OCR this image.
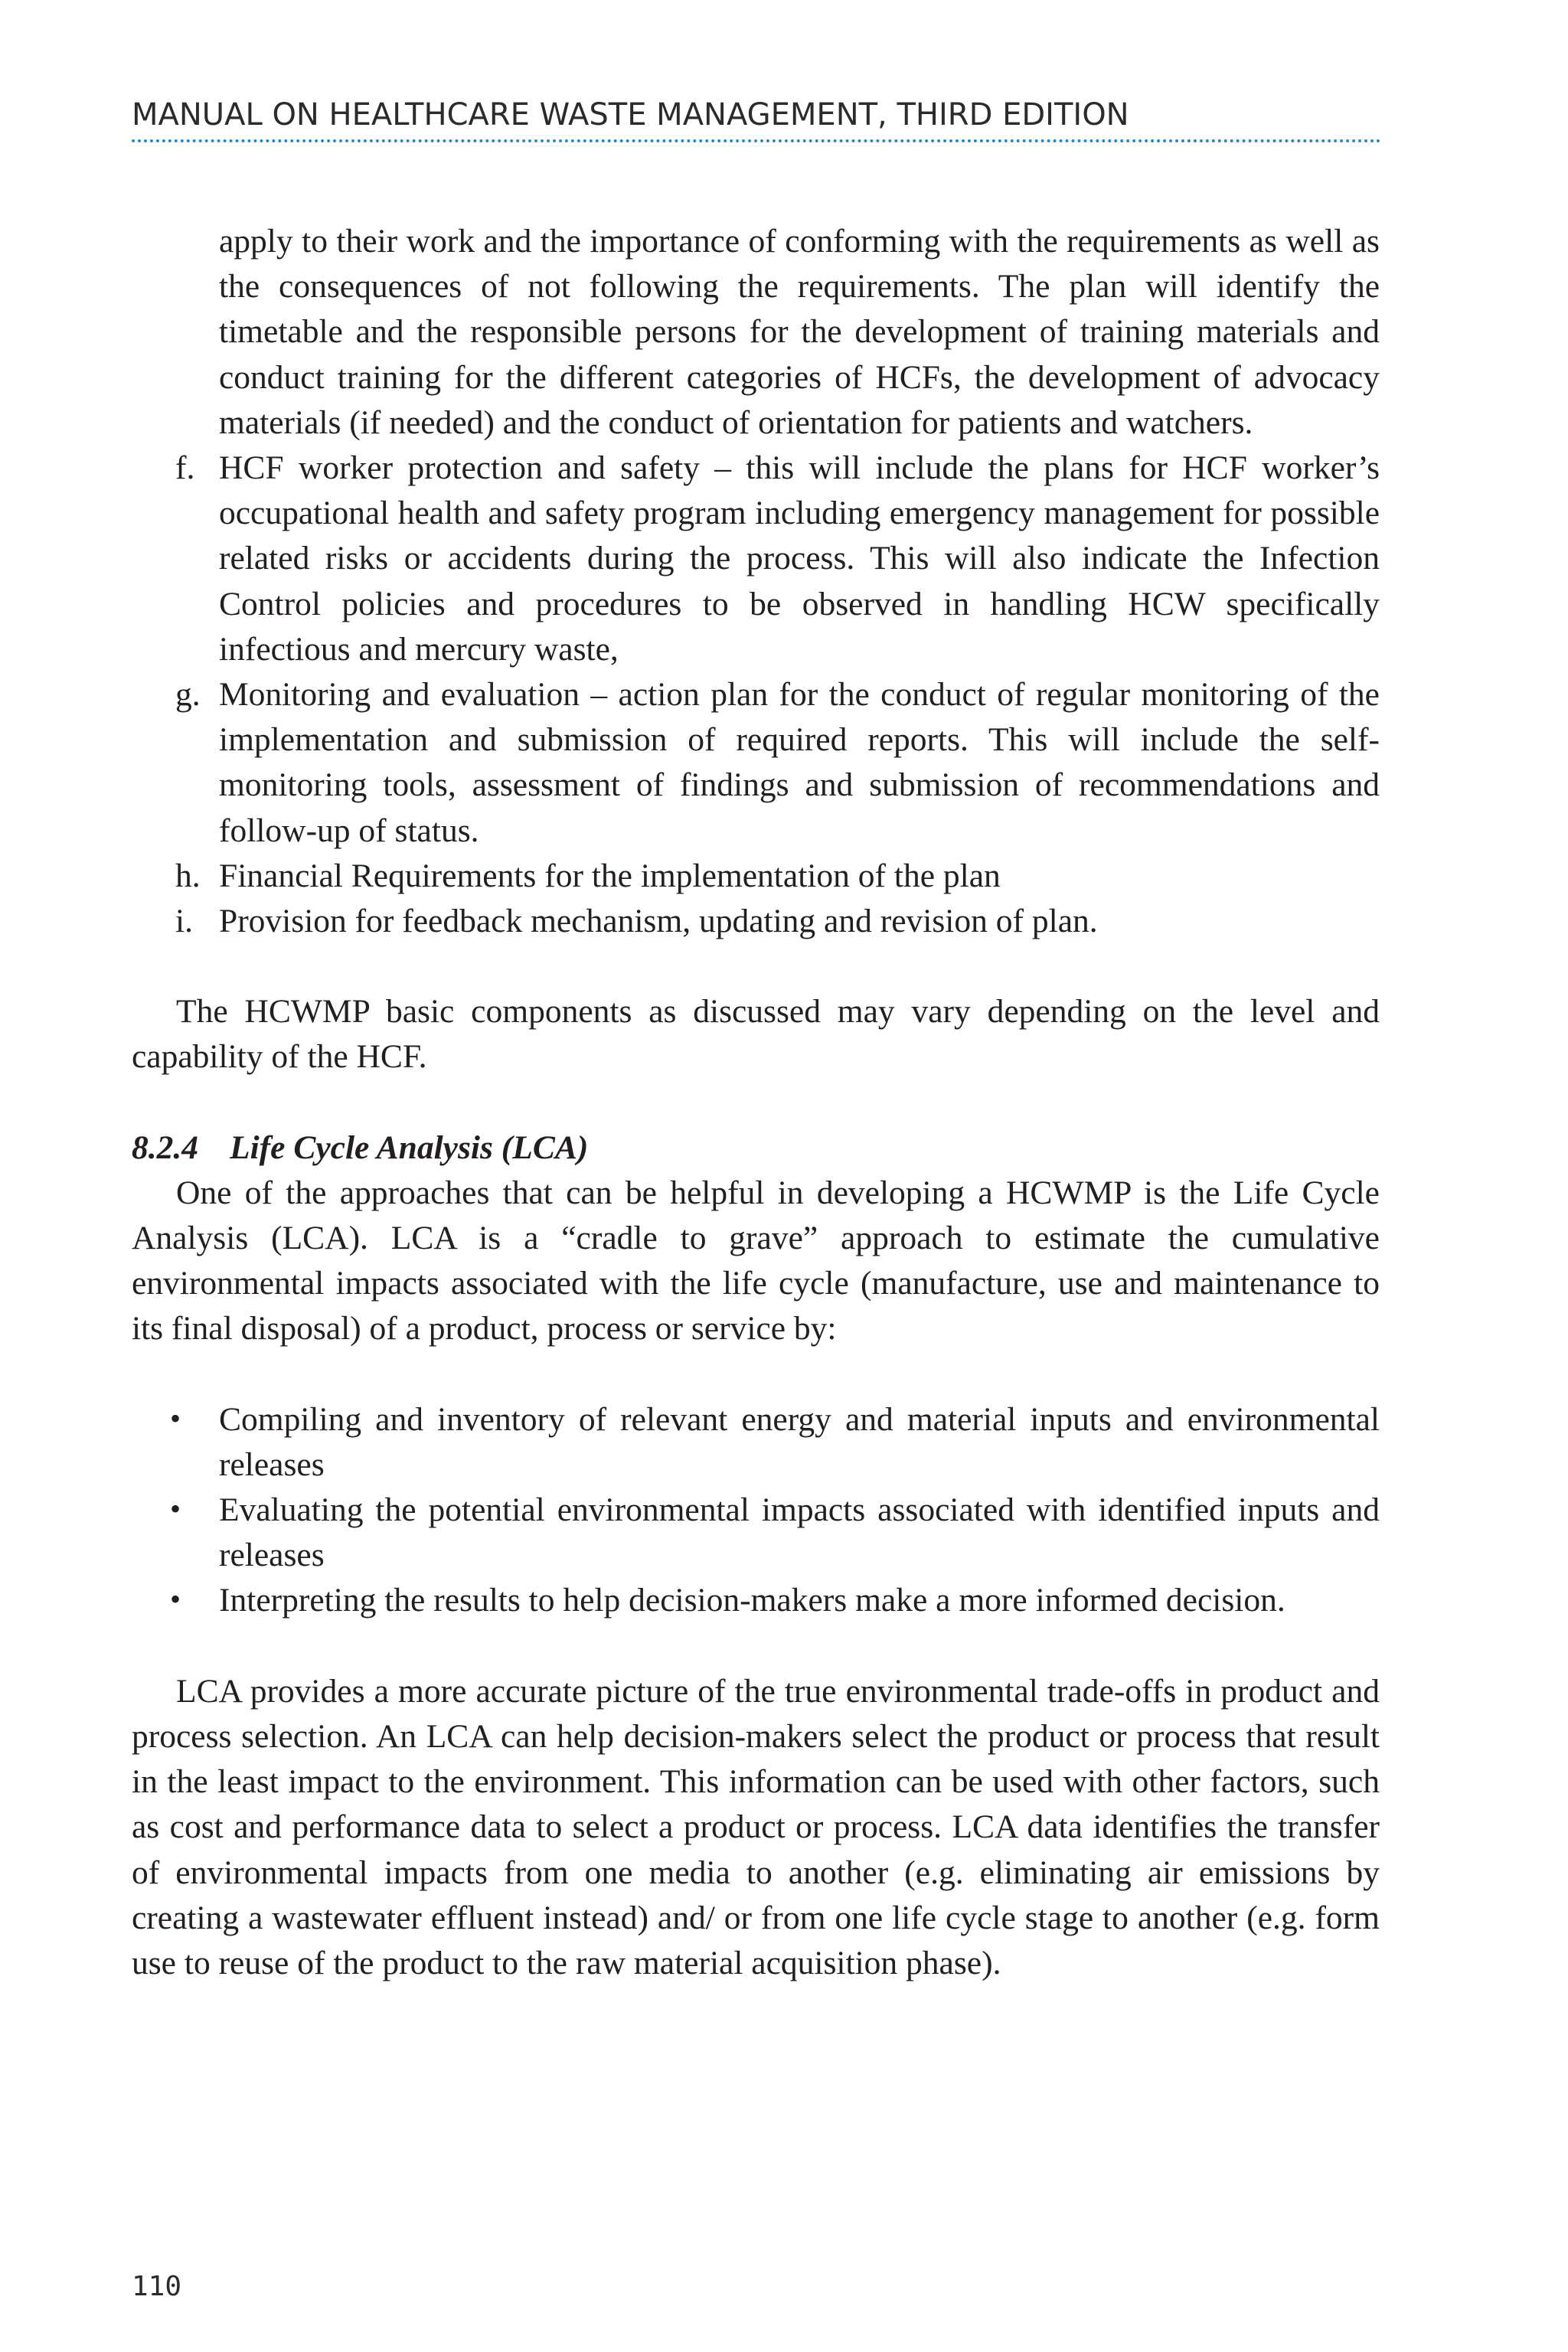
MANUAL ON HEALTHCARE WASTE MANAGEMENT, THIRD EDITION

apply to their work and the importance of conforming with the requirements as well as the consequences of not following the requirements. The plan will identify the timetable and the responsible persons for the development of training materials and conduct training for the different categories of HCFs, the development of advocacy materials (if needed) and the conduct of orientation for patients and watchers.

f. HCF worker protection and safety – this will include the plans for HCF worker’s occupational health and safety program including emergency management for possible related risks or accidents during the process. This will also indicate the Infection Control policies and procedures to be observed in handling HCW specifically infectious and mercury waste,
g. Monitoring and evaluation – action plan for the conduct of regular monitoring of the implementation and submission of required reports. This will include the self-monitoring tools, assessment of findings and submission of recommendations and follow-up of status.
h. Financial Requirements for the implementation of the plan
i. Provision for feedback mechanism, updating and revision of plan.

The HCWMP basic components as discussed may vary depending on the level and capability of the HCF.

8.2.4 Life Cycle Analysis (LCA)

One of the approaches that can be helpful in developing a HCWMP is the Life Cycle Analysis (LCA). LCA is a “cradle to grave” approach to estimate the cumulative environmental impacts associated with the life cycle (manufacture, use and maintenance to its final disposal) of a product, process or service by:

• Compiling and inventory of relevant energy and material inputs and environmental releases
• Evaluating the potential environmental impacts associated with identified inputs and releases
• Interpreting the results to help decision-makers make a more informed decision.

LCA provides a more accurate picture of the true environmental trade-offs in product and process selection. An LCA can help decision-makers select the product or process that result in the least impact to the environment. This information can be used with other factors, such as cost and performance data to select a product or process. LCA data identifies the transfer of environmental impacts from one media to another (e.g. eliminating air emissions by creating a wastewater effluent instead) and/ or from one life cycle stage to another (e.g. form use to reuse of the product to the raw material acquisition phase).

110
